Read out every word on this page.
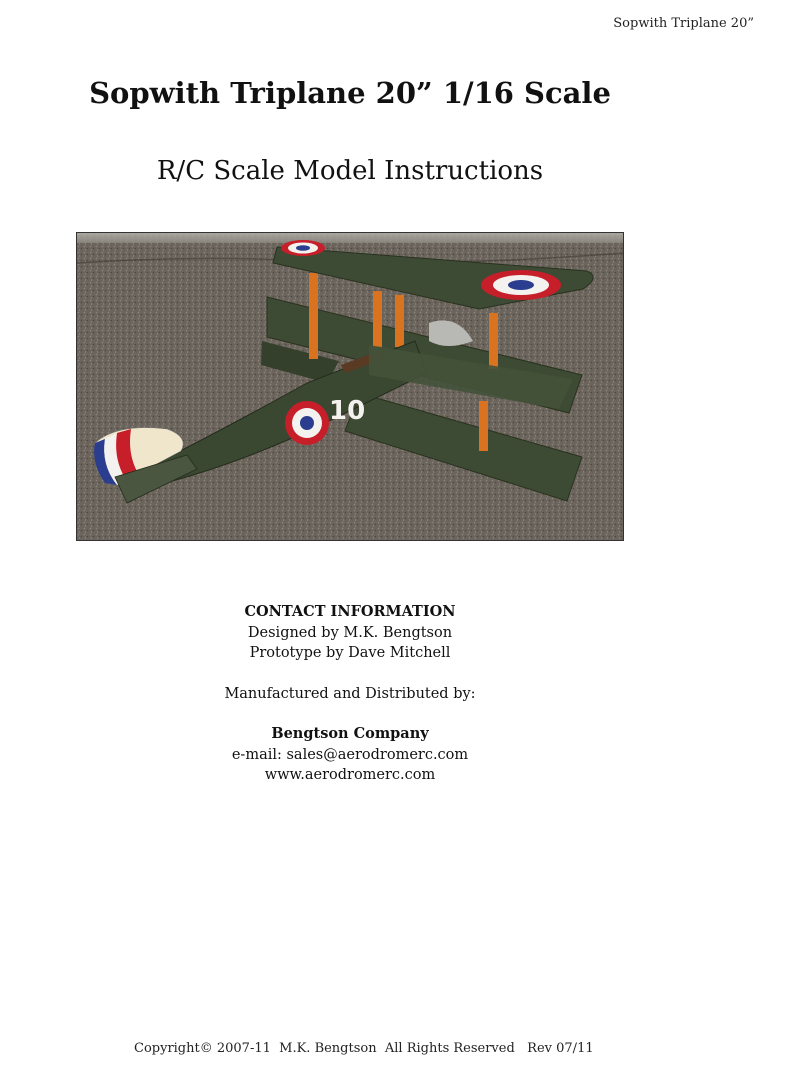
Sopwith Triplane 20”
Sopwith Triplane 20” 1/16 Scale
R/C Scale Model Instructions
10
CONTACT INFORMATION
Designed by M.K. Bengtson
Prototype by Dave Mitchell
Manufactured and Distributed by:
Bengtson Company
e-mail: sales@aerodromerc.com
www.aerodromerc.com
Copyright© 2007-11  M.K. Bengtson  All Rights Reserved   Rev 07/11
